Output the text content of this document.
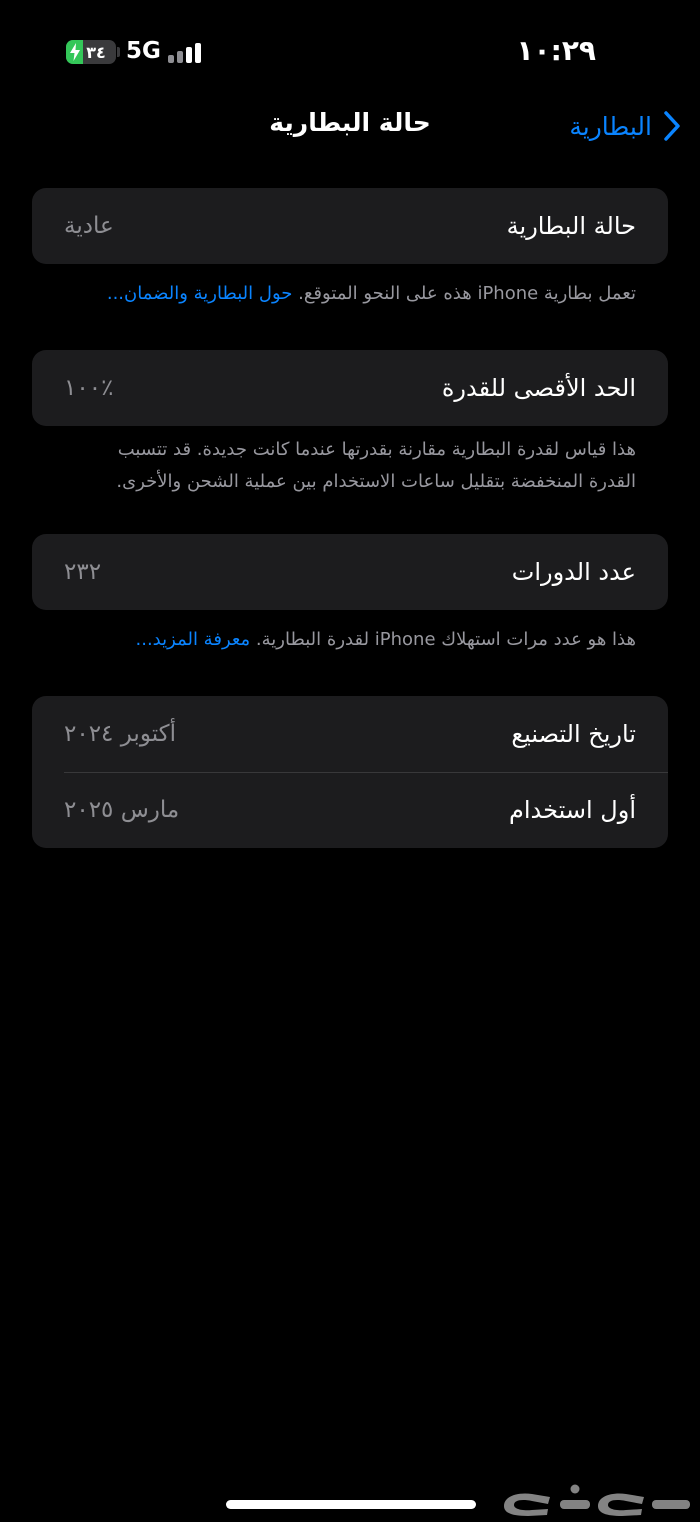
٣٤ 5G	١٠:٢٩
حالة البطارية	البطارية
حالة البطارية
عادية
تعمل بطارية iPhone هذه على النحو المتوقع. حول البطارية والضمان...
الحد الأقصى للقدرة
٪١٠٠
هذا قياس لقدرة البطارية مقارنة بقدرتها عندما كانت جديدة. قد تتسبب
القدرة المنخفضة بتقليل ساعات الاستخدام بين عملية الشحن والأخرى.
عدد الدورات
٢٣٢
هذا هو عدد مرات استهلاك iPhone لقدرة البطارية. معرفة المزيد...
تاريخ التصنيع
أكتوبر ٢٠٢٤
أول استخدام
مارس ٢٠٢٥
